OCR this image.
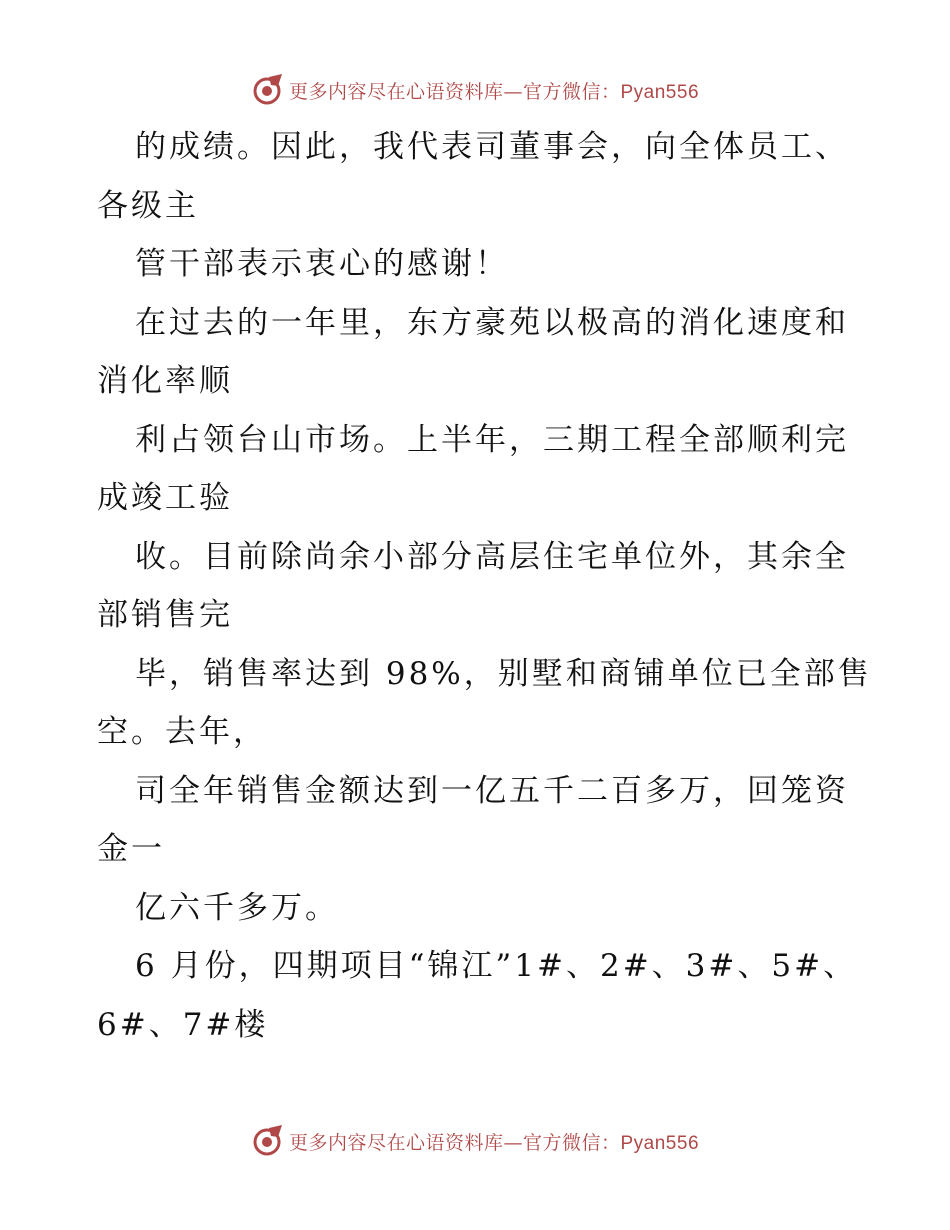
更多内容尽在心语资料库—官方微信：Pyan556
的成绩。因此，我代表司董事会，向全体员工、
各级主
管干部表示衷心的感谢！
在过去的一年里，东方豪苑以极高的消化速度和
消化率顺
利占领台山市场。上半年，三期工程全部顺利完
成竣工验
收。目前除尚余小部分高层住宅单位外，其余全
部销售完
毕，销售率达到 98%，别墅和商铺单位已全部售
空。去年，
司全年销售金额达到一亿五千二百多万，回笼资
金一
亿六千多万。
6 月份，四期项目“锦江”1#、2#、3#、5#、
6#、7#楼
更多内容尽在心语资料库—官方微信：Pyan556
